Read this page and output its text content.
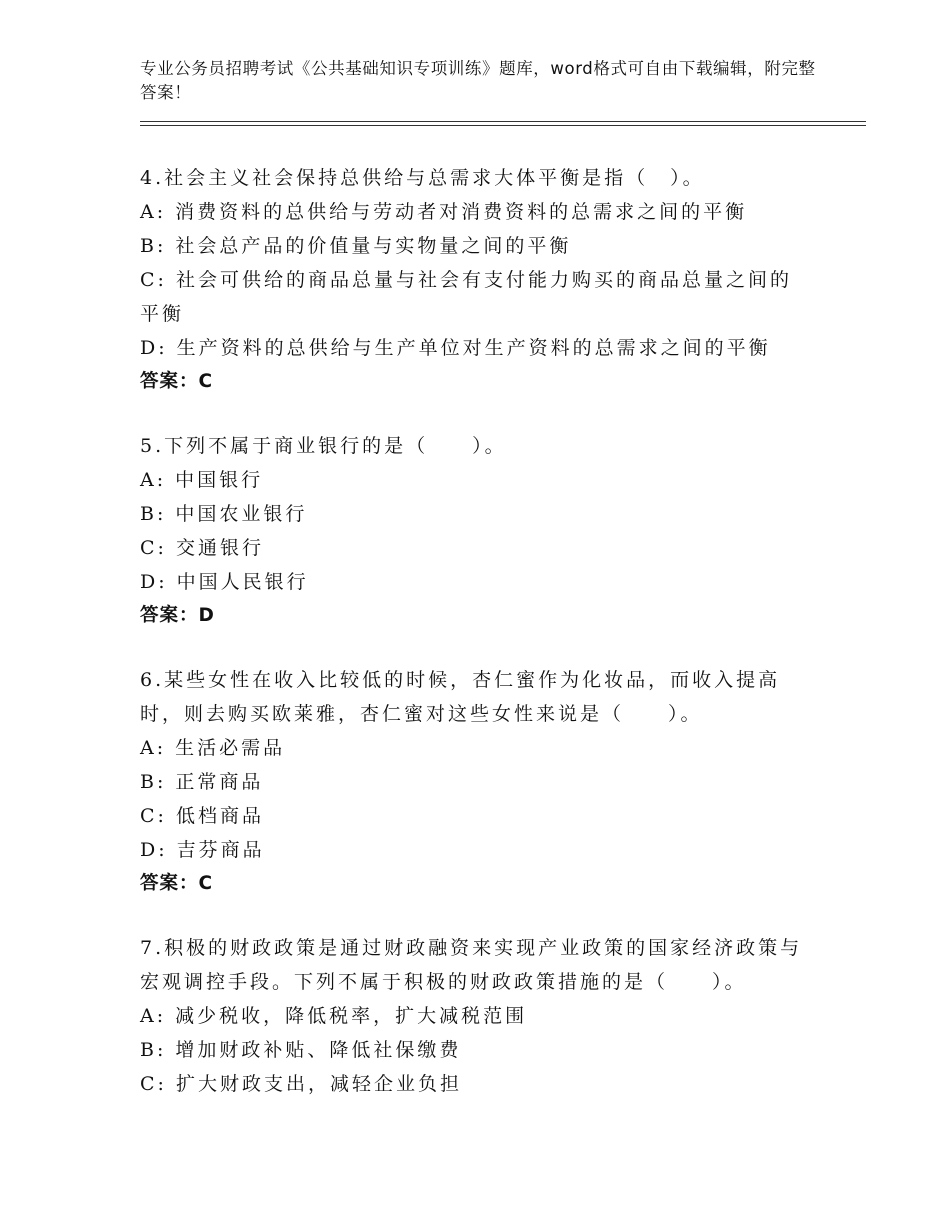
专业公务员招聘考试《公共基础知识专项训练》题库，word格式可自由下载编辑，附完整答案！
4.社会主义社会保持总供给与总需求大体平衡是指（　）。
A: 消费资料的总供给与劳动者对消费资料的总需求之间的平衡
B: 社会总产品的价值量与实物量之间的平衡
C: 社会可供给的商品总量与社会有支付能力购买的商品总量之间的平衡
D: 生产资料的总供给与生产单位对生产资料的总需求之间的平衡
答案：C
5.下列不属于商业银行的是（　　）。
A: 中国银行
B: 中国农业银行
C: 交通银行
D: 中国人民银行
答案：D
6.某些女性在收入比较低的时候，杏仁蜜作为化妆品，而收入提高时，则去购买欧莱雅，杏仁蜜对这些女性来说是（　　）。
A: 生活必需品
B: 正常商品
C: 低档商品
D: 吉芬商品
答案：C
7.积极的财政政策是通过财政融资来实现产业政策的国家经济政策与宏观调控手段。下列不属于积极的财政政策措施的是（　　）。
A: 减少税收，降低税率，扩大减税范围
B: 增加财政补贴、降低社保缴费
C: 扩大财政支出，减轻企业负担
